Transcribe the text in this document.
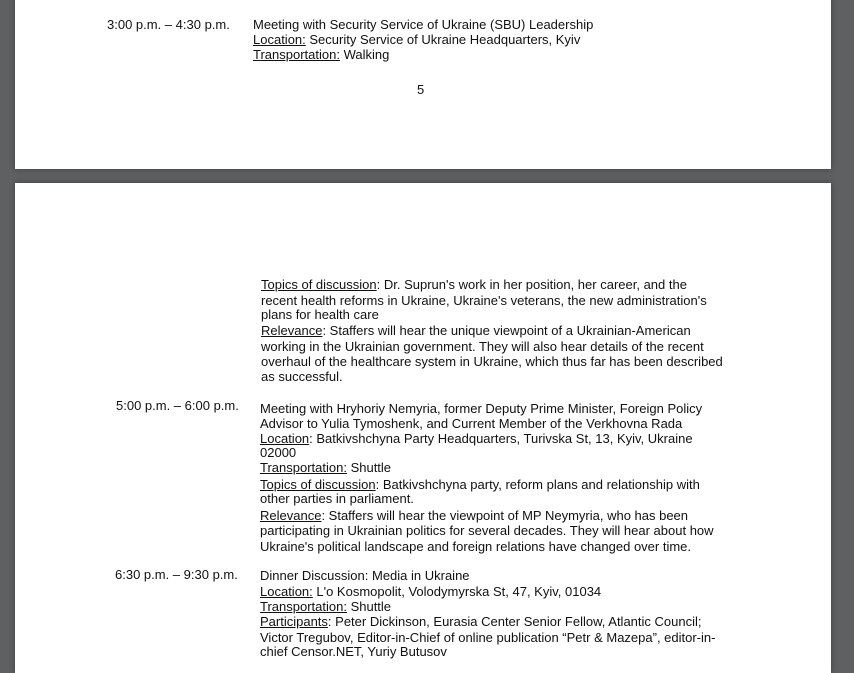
3:00 p.m. – 4:30 p.m. Meeting with Security Service of Ukraine (SBU) Leadership
Location: Security Service of Ukraine Headquarters, Kyiv
Transportation: Walking
5
Topics of discussion: Dr. Suprun's work in her position, her career, and the
recent health reforms in Ukraine, Ukraine's veterans, the new administration's
plans for health care
Relevance: Staffers will hear the unique viewpoint of a Ukrainian-American
working in the Ukrainian government. They will also hear details of the recent
overhaul of the healthcare system in Ukraine, which thus far has been described
as successful.
5:00 p.m. – 6:00 p.m. Meeting with Hryhoriy Nemyria, former Deputy Prime Minister, Foreign Policy
Advisor to Yulia Tymoshenk, and Current Member of the Verkhovna Rada
Location: Batkivshchyna Party Headquarters, Turivska St, 13, Kyiv, Ukraine
02000
Transportation: Shuttle
Topics of discussion: Batkivshchyna party, reform plans and relationship with
other parties in parliament.
Relevance: Staffers will hear the viewpoint of MP Neymyria, who has been
participating in Ukrainian politics for several decades. They will hear about how
Ukraine's political landscape and foreign relations have changed over time.
6:30 p.m. – 9:30 p.m. Dinner Discussion: Media in Ukraine
Location: L'o Kosmopolit, Volodymyrska St, 47, Kyiv, 01034
Transportation: Shuttle
Participants: Peter Dickinson, Eurasia Center Senior Fellow, Atlantic Council;
Victor Tregubov, Editor-in-Chief of online publication “Petr & Mazepa”, editor-in-
chief Censor.NET, Yuriy Butusov
